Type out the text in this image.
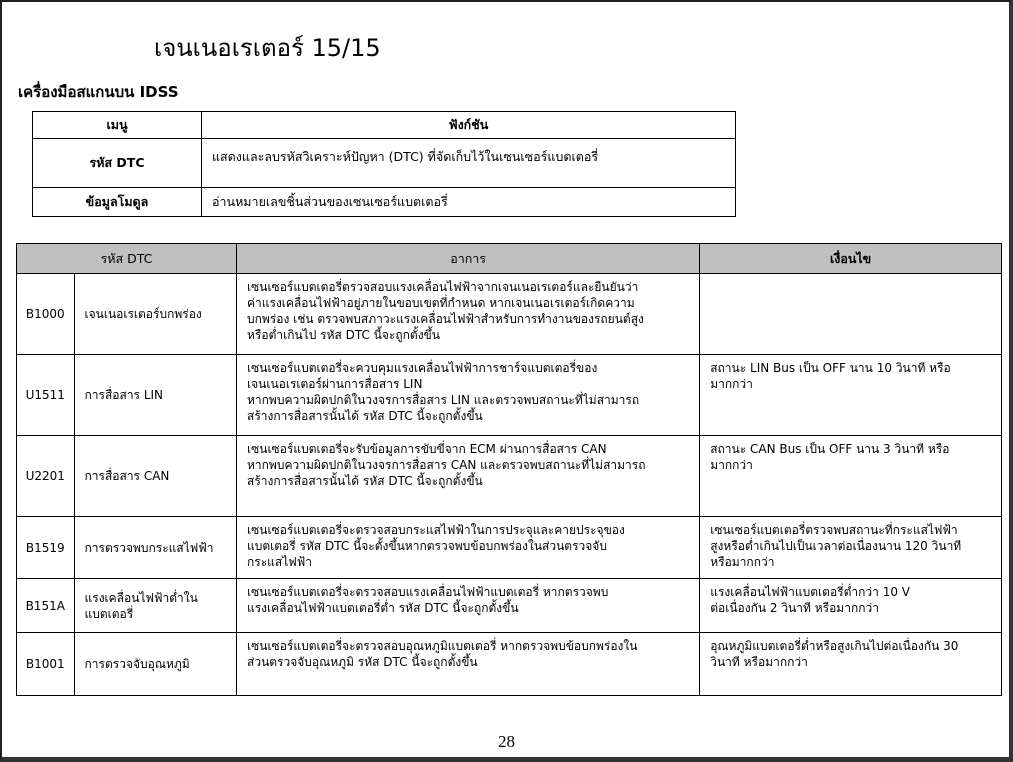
เจนเนอเรเตอร์ 15/15
เครื่องมือสแกนบน IDSS
เมนู	ฟังก์ชัน
รหัส DTC	แสดงและลบรหัสวิเคราะห์ปัญหา (DTC) ที่จัดเก็บไว้ในเซนเซอร์แบตเตอรี่
ข้อมูลโมดูล	อ่านหมายเลขชิ้นส่วนของเซนเซอร์แบตเตอรี่
รหัส DTC		อาการ	เงื่อนไข
B1000	เจนเนอเรเตอร์บกพร่อง	เซนเซอร์แบตเตอรี่ตรวจสอบแรงเคลื่อนไฟฟ้าจากเจนเนอเรเตอร์และยืนยันว่า
ค่าแรงเคลื่อนไฟฟ้าอยู่ภายในขอบเขตที่กำหนด หากเจนเนอเรเตอร์เกิดความ
บกพร่อง เช่น ตรวจพบสภาวะแรงเคลื่อนไฟฟ้าสำหรับการทำงานของรถยนต์สูง
หรือต่ำเกินไป รหัส DTC นี้จะถูกตั้งขึ้น	

U1511	การสื่อสาร LIN	เซนเซอร์แบตเตอรี่จะควบคุมแรงเคลื่อนไฟฟ้าการชาร์จแบตเตอรี่ของ
เจนเนอเรเตอร์ผ่านการสื่อสาร LIN
หากพบความผิดปกติในวงจรการสื่อสาร LIN และตรวจพบสถานะที่ไม่สามารถ
สร้างการสื่อสารนั้นได้ รหัส DTC นี้จะถูกตั้งขึ้น	สถานะ LIN Bus เป็น OFF นาน 10 วินาที หรือ
มากกว่า

U2201	การสื่อสาร CAN	เซนเซอร์แบตเตอรี่จะรับข้อมูลการขับขี่จาก ECM ผ่านการสื่อสาร CAN
หากพบความผิดปกติในวงจรการสื่อสาร CAN และตรวจพบสถานะที่ไม่สามารถ
สร้างการสื่อสารนั้นได้ รหัส DTC นี้จะถูกตั้งขึ้น	สถานะ CAN Bus เป็น OFF นาน 3 วินาที หรือ
มากกว่า

B1519	การตรวจพบกระแสไฟฟ้า	เซนเซอร์แบตเตอรี่จะตรวจสอบกระแสไฟฟ้าในการประจุและคายประจุของ
แบตเตอรี่ รหัส DTC นี้จะตั้งขึ้นหากตรวจพบข้อบกพร่องในส่วนตรวจจับ
กระแสไฟฟ้า	เซนเซอร์แบตเตอรี่ตรวจพบสถานะที่กระแสไฟฟ้า
สูงหรือต่ำเกินไปเป็นเวลาต่อเนื่องนาน 120 วินาที
หรือมากกว่า

B151A	แรงเคลื่อนไฟฟ้าต่ำใน
แบตเตอรี่	เซนเซอร์แบตเตอรี่จะตรวจสอบแรงเคลื่อนไฟฟ้าแบตเตอรี่ หากตรวจพบ
แรงเคลื่อนไฟฟ้าแบตเตอรี่ต่ำ รหัส DTC นี้จะถูกตั้งขึ้น	แรงเคลื่อนไฟฟ้าแบตเตอรี่ต่ำกว่า 10 V
ต่อเนื่องกัน 2 วินาที หรือมากกว่า

B1001	การตรวจจับอุณหภูมิ	เซนเซอร์แบตเตอรี่จะตรวจสอบอุณหภูมิแบตเตอรี่ หากตรวจพบข้อบกพร่องใน
ส่วนตรวจจับอุณหภูมิ รหัส DTC นี้จะถูกตั้งขึ้น	อุณหภูมิแบตเตอรี่ต่ำหรือสูงเกินไปต่อเนื่องกัน 30
วินาที หรือมากกว่า
28
